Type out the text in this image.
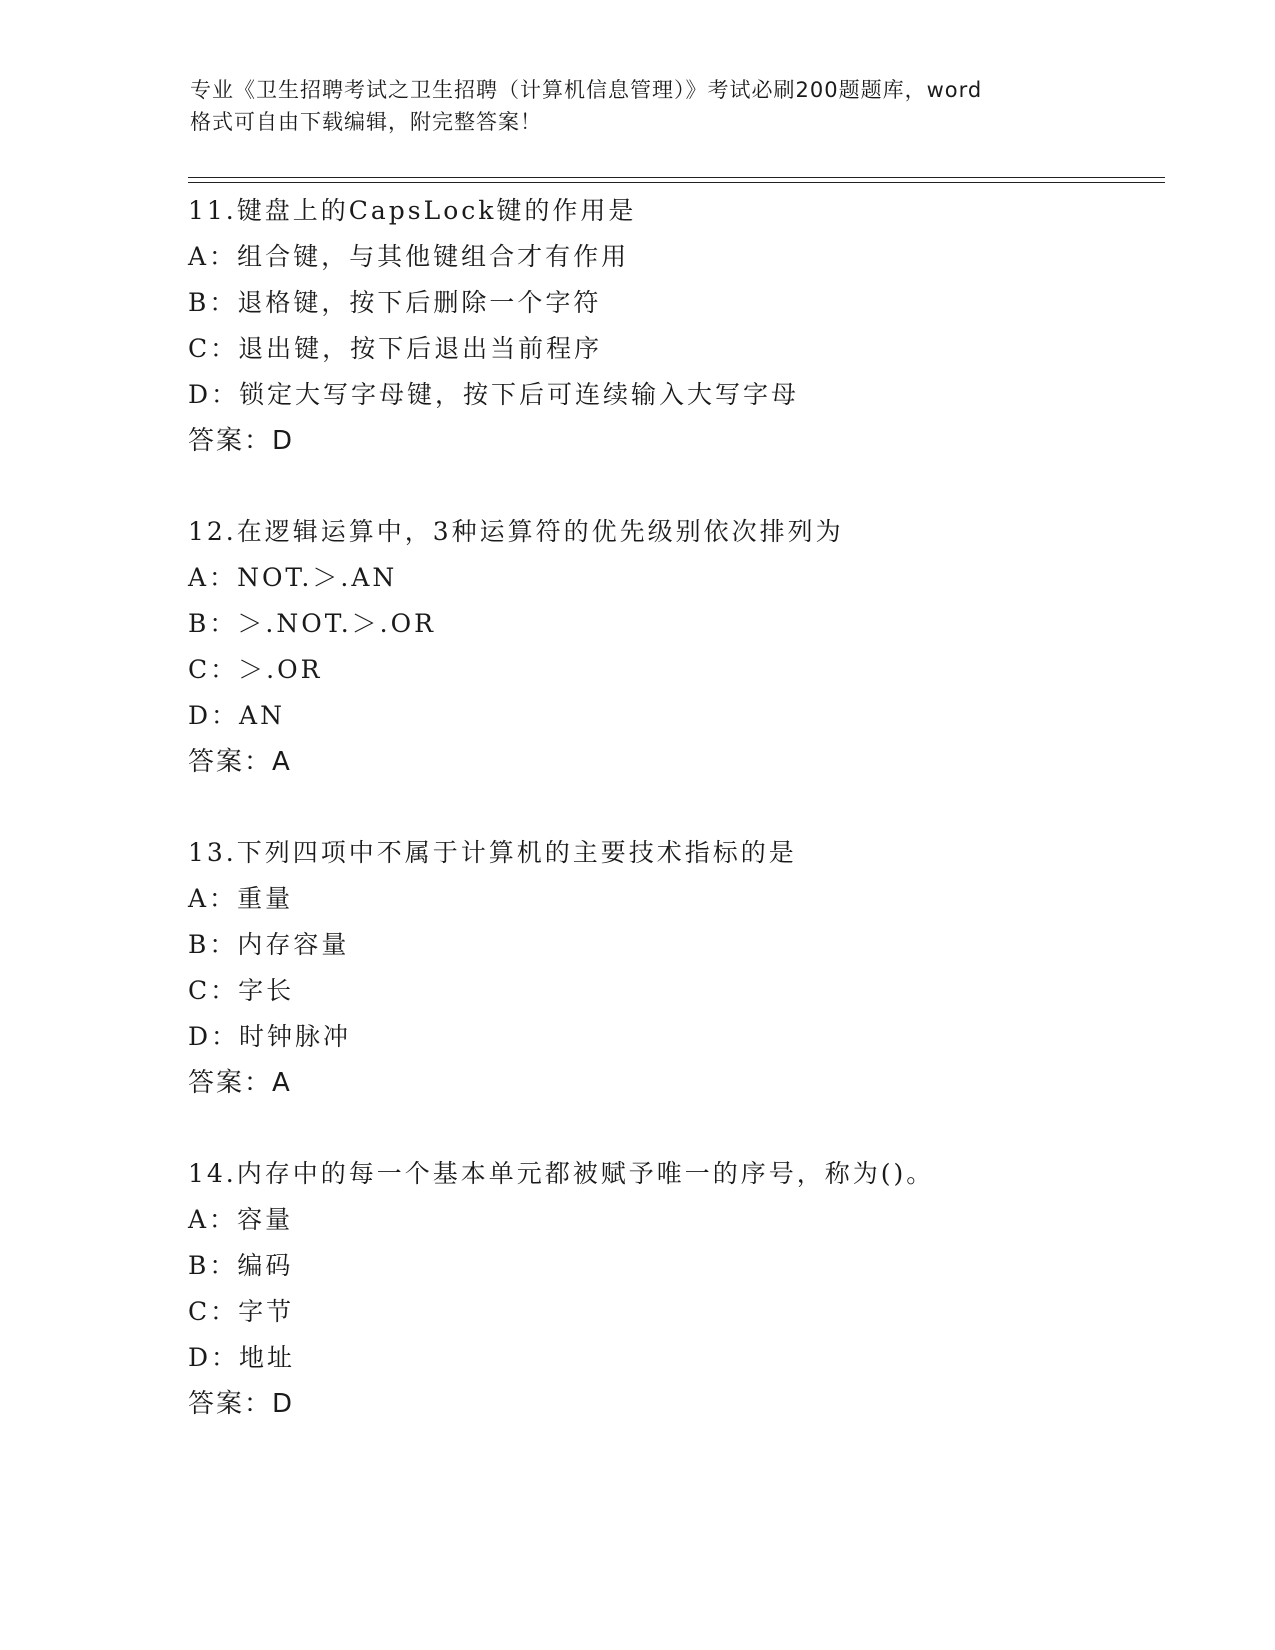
专业《卫生招聘考试之卫生招聘（计算机信息管理）》考试必刷200题题库，word
格式可自由下载编辑，附完整答案！
11.键盘上的CapsLock键的作用是
A：组合键，与其他键组合才有作用
B：退格键，按下后删除一个字符
C：退出键，按下后退出当前程序
D：锁定大写字母键，按下后可连续输入大写字母
答案：D
12.在逻辑运算中，3种运算符的优先级别依次排列为
A：NOT.＞.AN
B：＞.NOT.＞.OR
C：＞.OR
D：AN
答案：A
13.下列四项中不属于计算机的主要技术指标的是
A：重量
B：内存容量
C：字长
D：时钟脉冲
答案：A
14.内存中的每一个基本单元都被赋予唯一的序号，称为()。
A：容量
B：编码
C：字节
D：地址
答案：D
